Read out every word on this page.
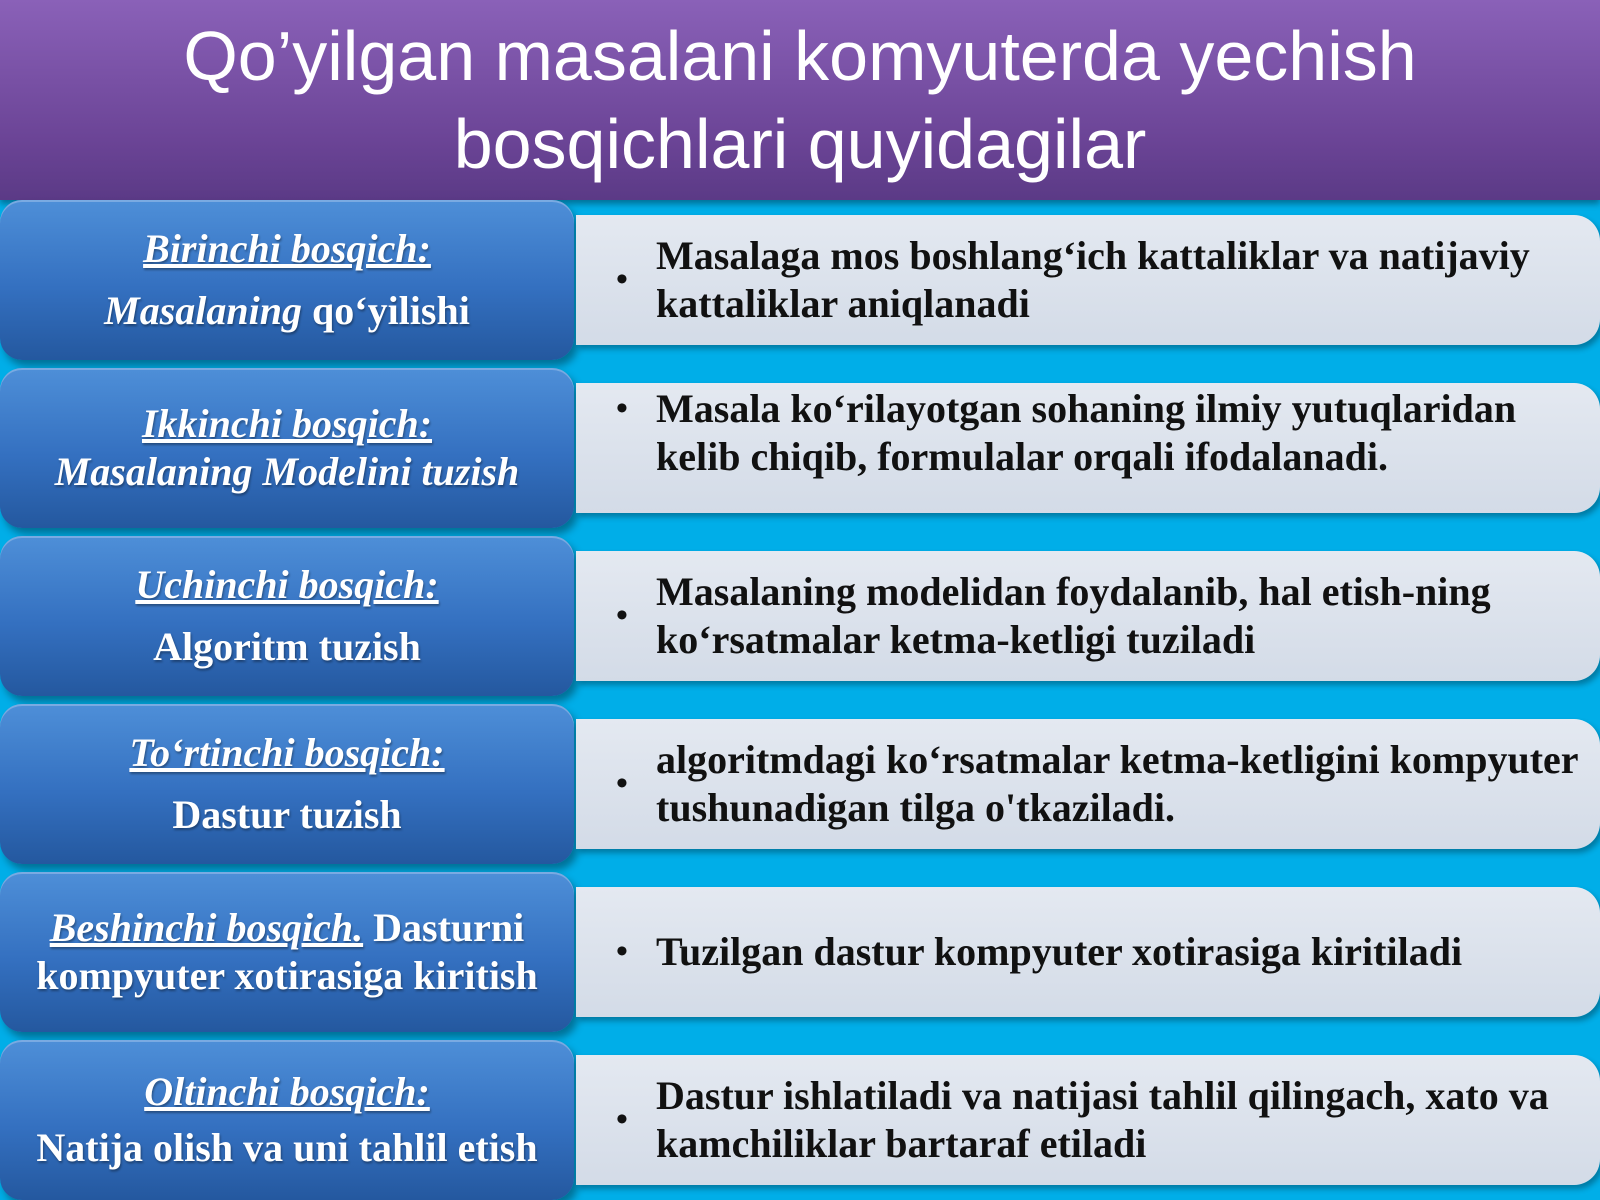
Qo’yilgan masalani komyuterda yechish
bosqichlari quyidagilar
Birinchi bosqich:
Masalaning qo‘yilishi
•
Masalaga mos boshlang‘ich kattaliklar va natijaviy kattaliklar aniqlanadi
Ikkinchi bosqich:
Masalaning Modelini tuzish
• Masala ko‘rilayotgan sohaning ilmiy yutuqlaridan kelib chiqib, formulalar orqali ifodalanadi.
Uchinchi bosqich:
Algoritm tuzish
•
Masalaning modelidan foydalanib, hal etish-ning ko‘rsatmalar ketma-ketligi tuziladi
To‘rtinchi bosqich:
Dastur tuzish
•
algoritmdagi ko‘rsatmalar ketma-ketligini kompyuter tushunadigan tilga o'tkaziladi.
Beshinchi bosqich. Dasturni kompyuter xotirasiga kiritish
• Tuzilgan dastur kompyuter xotirasiga kiritiladi
Oltinchi bosqich:
Natija olish va uni tahlil etish
•
Dastur ishlatiladi va natijasi tahlil qilingach, xato va kamchiliklar bartaraf etiladi
